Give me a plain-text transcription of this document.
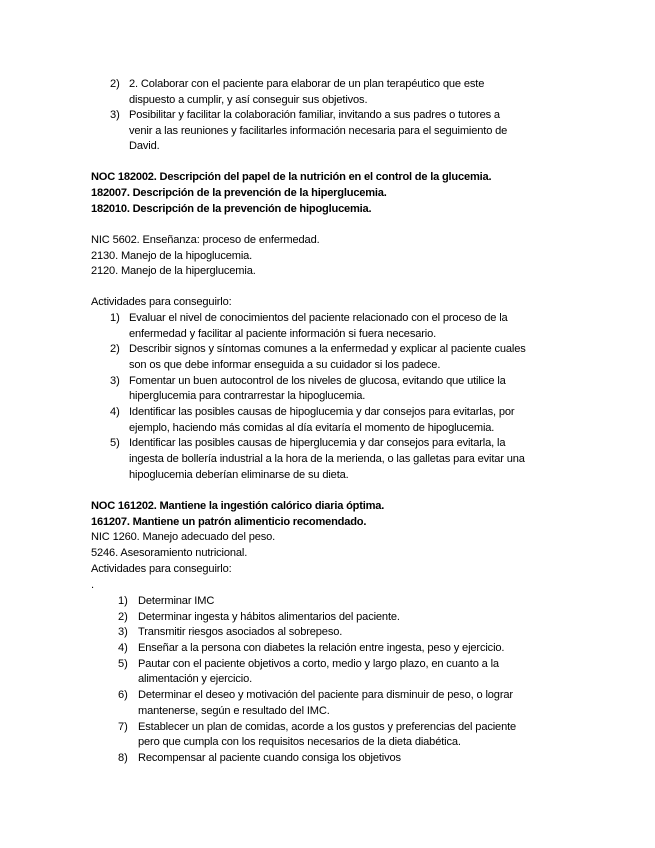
2) 2. Colaborar con el paciente para elaborar de un plan terapéutico que este
dispuesto a cumplir, y así conseguir sus objetivos.
3) Posibilitar y facilitar la colaboración familiar, invitando a sus padres o tutores a
venir a las reuniones y facilitarles información necesaria para el seguimiento de
David.
NOC 182002. Descripción del papel de la nutrición en el control de la glucemia.
182007. Descripción de la prevención de la hiperglucemia.
182010. Descripción de la prevención de hipoglucemia.
NIC 5602. Enseñanza: proceso de enfermedad.
2130. Manejo de la hipoglucemia.
2120. Manejo de la hiperglucemia.
Actividades para conseguirlo:
1) Evaluar el nivel de conocimientos del paciente relacionado con el proceso de la
enfermedad y facilitar al paciente información si fuera necesario.
2) Describir signos y síntomas comunes a la enfermedad y explicar al paciente cuales
son os que debe informar enseguida a su cuidador si los padece.
3) Fomentar un buen autocontrol de los niveles de glucosa, evitando que utilice la
hiperglucemia para contrarrestar la hipoglucemia.
4) Identificar las posibles causas de hipoglucemia y dar consejos para evitarlas, por
ejemplo, haciendo más comidas al día evitaría el momento de hipoglucemia.
5) Identificar las posibles causas de hiperglucemia y dar consejos para evitarla, la
ingesta de bollería industrial a la hora de la merienda, o las galletas para evitar una
hipoglucemia deberían eliminarse de su dieta.
NOC 161202. Mantiene la ingestión calórico diaria óptima.
161207. Mantiene un patrón alimenticio recomendado.
NIC 1260. Manejo adecuado del peso.
5246. Asesoramiento nutricional.
Actividades para conseguirlo:
.
1) Determinar IMC
2) Determinar ingesta y hábitos alimentarios del paciente.
3) Transmitir riesgos asociados al sobrepeso.
4) Enseñar a la persona con diabetes la relación entre ingesta, peso y ejercicio.
5) Pautar con el paciente objetivos a corto, medio y largo plazo, en cuanto a la
alimentación y ejercicio.
6) Determinar el deseo y motivación del paciente para disminuir de peso, o lograr
mantenerse, según e resultado del IMC.
7) Establecer un plan de comidas, acorde a los gustos y preferencias del paciente
pero que cumpla con los requisitos necesarios de la dieta diabética.
8) Recompensar al paciente cuando consiga los objetivos
